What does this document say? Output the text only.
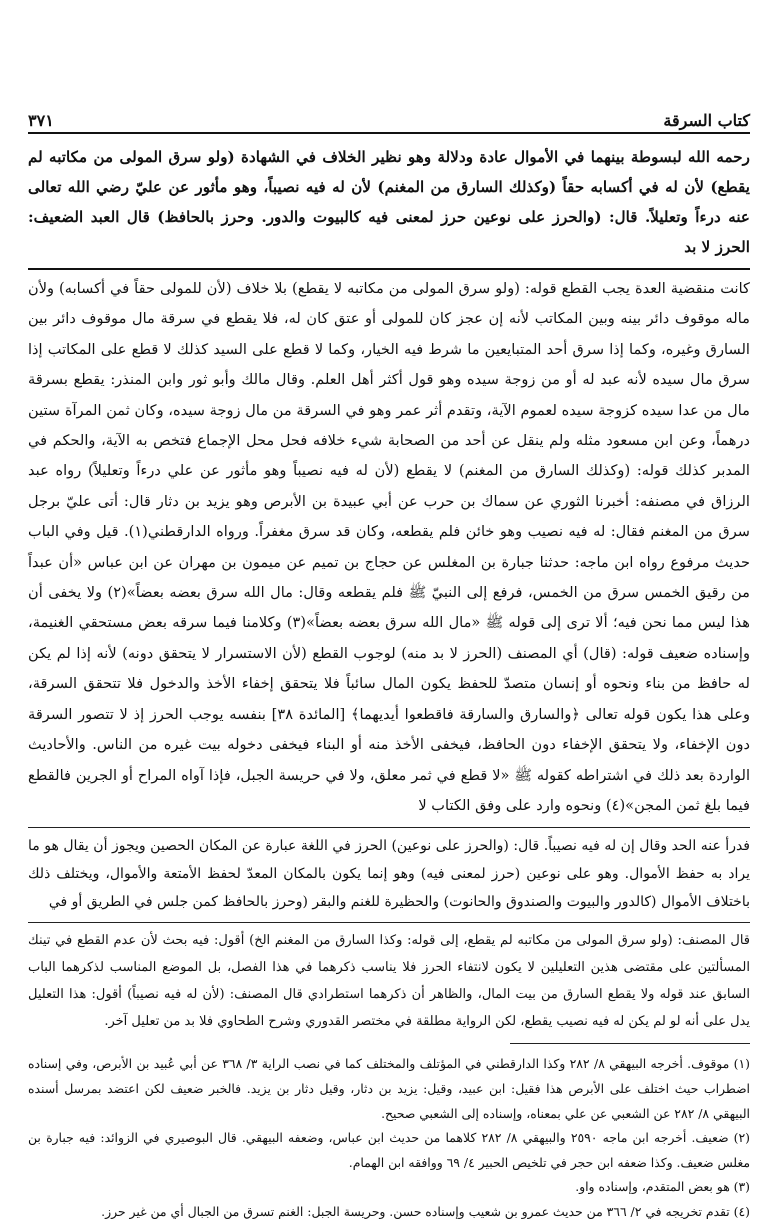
كتاب السرقة
٣٧١

رحمه الله لبسوطة بينهما في الأموال عادة ودلالة وهو نظير الخلاف في الشهادة (ولو سرق المولى من مكاتبه لم يقطع) لأن له في أكسابه حقاً (وكذلك السارق من المغنم) لأن له فيه نصيباً، وهو مأثور عن عليّ رضي الله تعالى عنه درءاً وتعليلاً. قال: (والحرز على نوعين حرز لمعنى فيه كالبيوت والدور. وحرز بالحافظ) قال العبد الضعيف: الحرز لا بد

كانت منقضية العدة يجب القطع قوله: (ولو سرق المولى من مكاتبه لا يقطع) بلا خلاف (لأن للمولى حقاً في أكسابه) ولأن ماله موقوف دائر بينه وبين المكاتب لأنه إن عجز كان للمولى أو عتق كان له، فلا يقطع في سرقة مال موقوف دائر بين السارق وغيره، وكما إذا سرق أحد المتبايعين ما شرط فيه الخيار، وكما لا قطع على السيد كذلك لا قطع على المكاتب إذا سرق مال سيده لأنه عبد له أو من زوجة سيده وهو قول أكثر أهل العلم. وقال مالك وأبو ثور وابن المنذر: يقطع بسرقة مال من عدا سيده كزوجة سيده لعموم الآية، وتقدم أثر عمر وهو في السرقة من مال زوجة سيده، وكان ثمن المرآة ستين درهماً، وعن ابن مسعود مثله ولم ينقل عن أحد من الصحابة شيء خلافه فحل محل الإجماع فتخص به الآية، والحكم في المدبر كذلك قوله: (وكذلك السارق من المغنم) لا يقطع (لأن له فيه نصيباً وهو مأثور عن علي درءاً وتعليلاً) رواه عبد الرزاق في مصنفه: أخبرنا الثوري عن سماك بن حرب عن أبي عبيدة بن الأبرص وهو يزيد بن دثار قال: أتى عليّ برجل سرق من المغنم فقال: له فيه نصيب وهو خائن فلم يقطعه، وكان قد سرق مغفراً. ورواه الدارقطني(١). قيل وفي الباب حديث مرفوع رواه ابن ماجه: حدثنا جبارة بن المغلس عن حجاج بن تميم عن ميمون بن مهران عن ابن عباس «أن عبداً من رقيق الخمس سرق من الخمس، فرفع إلى النبيّ ﷺ فلم يقطعه وقال: مال الله سرق بعضه بعضاً»(٢) ولا يخفى أن هذا ليس مما نحن فيه؛ ألا ترى إلى قوله ﷺ «مال الله سرق بعضه بعضاً»(٣) وكلامنا فيما سرقه بعض مستحقي الغنيمة، وإسناده ضعيف قوله: (قال) أي المصنف (الحرز لا بد منه) لوجوب القطع (لأن الاستسرار لا يتحقق دونه) لأنه إذا لم يكن له حافظ من بناء ونحوه أو إنسان متصدّ للحفظ يكون المال سائباً فلا يتحقق إخفاء الأخذ والدخول فلا تتحقق السرقة، وعلى هذا يكون قوله تعالى ﴿والسارق والسارقة فاقطعوا أيديهما﴾ [المائدة ٣٨] بنفسه يوجب الحرز إذ لا تتصور السرقة دون الإخفاء، ولا يتحقق الإخفاء دون الحافظ، فيخفى الأخذ منه أو البناء فيخفى دخوله بيت غيره من الناس. والأحاديث الواردة بعد ذلك في اشتراطه كقوله ﷺ «لا قطع في ثمر معلق، ولا في حريسة الجبل، فإذا آواه المراح أو الجرين فالقطع فيما بلغ ثمن المجن»(٤) ونحوه وارد على وفق الكتاب لا

فدرأ عنه الحد وقال إن له فيه نصيباً. قال: (والحرز على نوعين) الحرز في اللغة عبارة عن المكان الحصين ويجوز أن يقال هو ما يراد به حفظ الأموال. وهو على نوعين (حرز لمعنى فيه) وهو إنما يكون بالمكان المعدّ لحفظ الأمتعة والأموال، ويختلف ذلك باختلاف الأموال (كالدور والبيوت والصندوق والحانوت) والحظيرة للغنم والبقر (وحرز بالحافظ كمن جلس في الطريق أو في

قال المصنف: (ولو سرق المولى من مكاتبه لم يقطع، إلى قوله: وكذا السارق من المغنم الخ) أقول: فيه بحث لأن عدم القطع في تينك المسألتين على مقتضى هذين التعليلين لا يكون لانتفاء الحرز فلا يناسب ذكرهما في هذا الفصل، بل الموضع المناسب لذكرهما الباب السابق عند قوله ولا يقطع السارق من بيت المال، والظاهر أن ذكرهما استطرادي قال المصنف: (لأن له فيه نصيباً) أقول: هذا التعليل يدل على أنه لو لم يكن له فيه نصيب يقطع، لكن الرواية مطلقة في مختصر القدوري وشرح الطحاوي فلا بد من تعليل آخر.

(١) موقوف. أخرجه البيهقي ٨/ ٢٨٢ وكذا الدارقطني في المؤتلف والمختلف كما في نصب الراية ٣/ ٣٦٨ عن أبي عُبيد بن الأبرص، وفي إسناده اضطراب حيث اختلف على الأبرص هذا فقيل: ابن عبيد، وقيل: يزيد بن دثار، وقيل دثار بن يزيد. فالخبر ضعيف لكن اعتضد بمرسل أسنده البيهقي ٨/ ٢٨٢ عن الشعبي عن علي بمعناه، وإسناده إلى الشعبي صحيح.

(٢) ضعيف. أخرجه ابن ماجه ٢٥٩٠ والبيهقي ٨/ ٢٨٢ كلاهما من حديث ابن عباس، وضعفه البيهقي. قال البوصيري في الزوائد: فيه جبارة بن مغلس ضعيف. وكذا ضعفه ابن حجر في تلخيص الحبير ٤/ ٦٩ ووافقه ابن الهمام.

(٣) هو بعض المتقدم، وإسناده واو.

(٤) تقدم تخريجه في ٢/ ٣٦٦ من حديث عمرو بن شعيب وإسناده حسن. وحريسة الجبل: الغنم تسرق من الجبال أي من غير حرز.
